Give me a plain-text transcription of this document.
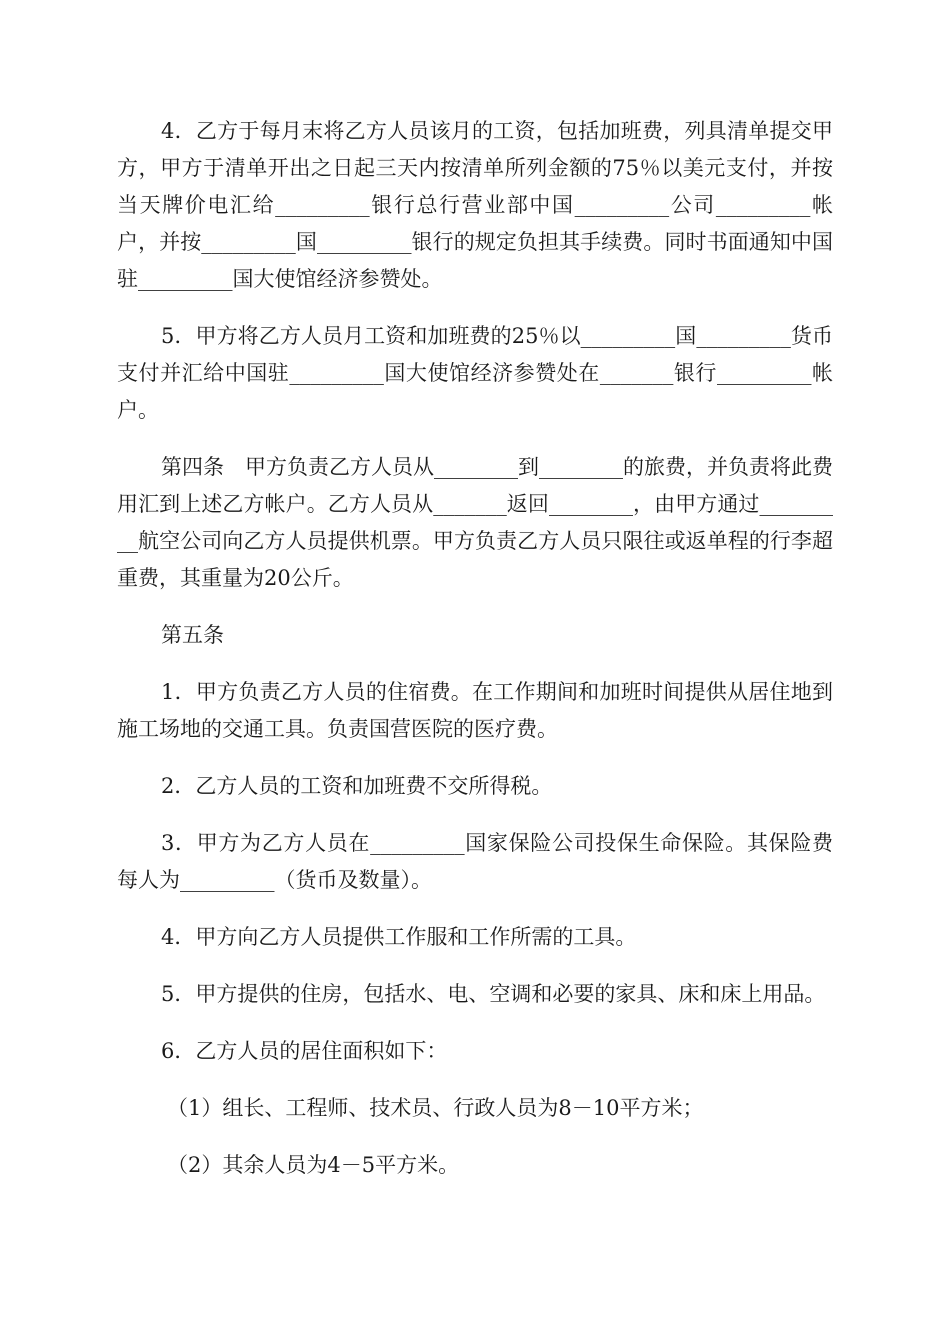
4．乙方于每月末将乙方人员该月的工资，包括加班费，列具清单提交甲方，甲方于清单开出之日起三天内按清单所列金额的75％以美元支付，并按当天牌价电汇给_________银行总行营业部中国_________公司_________帐户，并按_________国_________银行的规定负担其手续费。同时书面通知中国驻_________国大使馆经济参赞处。

5．甲方将乙方人员月工资和加班费的25％以_________国_________货币支付并汇给中国驻_________国大使馆经济参赞处在_______银行_________帐户。

第四条　甲方负责乙方人员从________到________的旅费，并负责将此费用汇到上述乙方帐户。乙方人员从_______返回________，由甲方通过_________航空公司向乙方人员提供机票。甲方负责乙方人员只限往或返单程的行李超重费，其重量为20公斤。

第五条

1．甲方负责乙方人员的住宿费。在工作期间和加班时间提供从居住地到施工场地的交通工具。负责国营医院的医疗费。

2．乙方人员的工资和加班费不交所得税。

3．甲方为乙方人员在_________国家保险公司投保生命保险。其保险费每人为_________（货币及数量）。

4．甲方向乙方人员提供工作服和工作所需的工具。

5．甲方提供的住房，包括水、电、空调和必要的家具、床和床上用品。

6．乙方人员的居住面积如下：

（1）组长、工程师、技术员、行政人员为8－10平方米；

（2）其余人员为4－5平方米。
